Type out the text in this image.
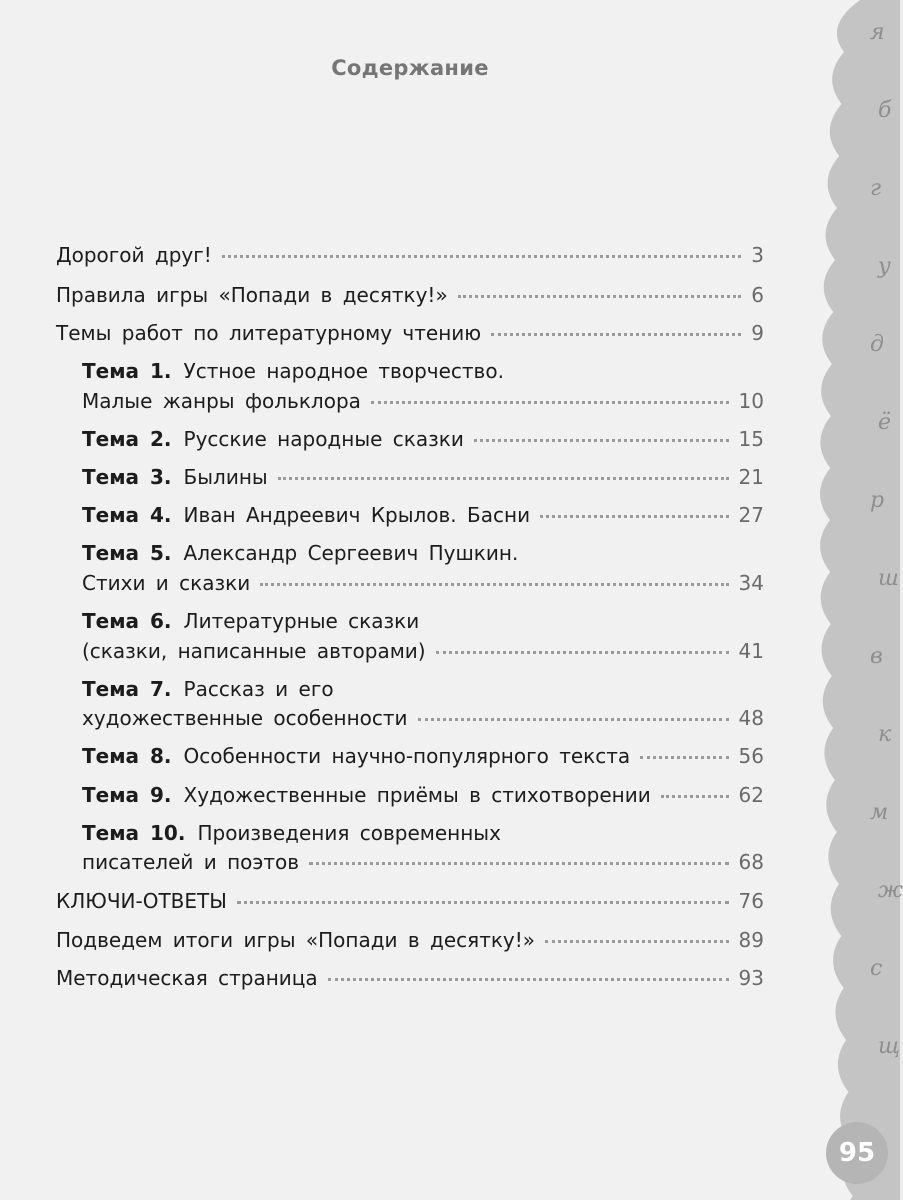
я
б
г
у
д
ё
р
ш
в
к
м
ж
с
щ
Содержание
Дорогой друг!	3
Правила игры «Попади в десятку!»	6
Темы работ по литературному чтению	9
Тема 1. Устное народное творчество.
Малые жанры фольклора	10
Тема 2. Русские народные сказки	15
Тема 3. Былины	21
Тема 4. Иван Андреевич Крылов. Басни	27
Тема 5. Александр Сергеевич Пушкин.
Стихи и сказки	34
Тема 6. Литературные сказки
(сказки, написанные авторами)	41
Тема 7. Рассказ и его
художественные особенности	48
Тема 8. Особенности научно-популярного текста	56
Тема 9. Художественные приёмы в стихотворении	62
Тема 10. Произведения современных
писателей и поэтов	68
КЛЮЧИ-ОТВЕТЫ	76
Подведем итоги игры «Попади в десятку!»	89
Методическая страница	93
95
